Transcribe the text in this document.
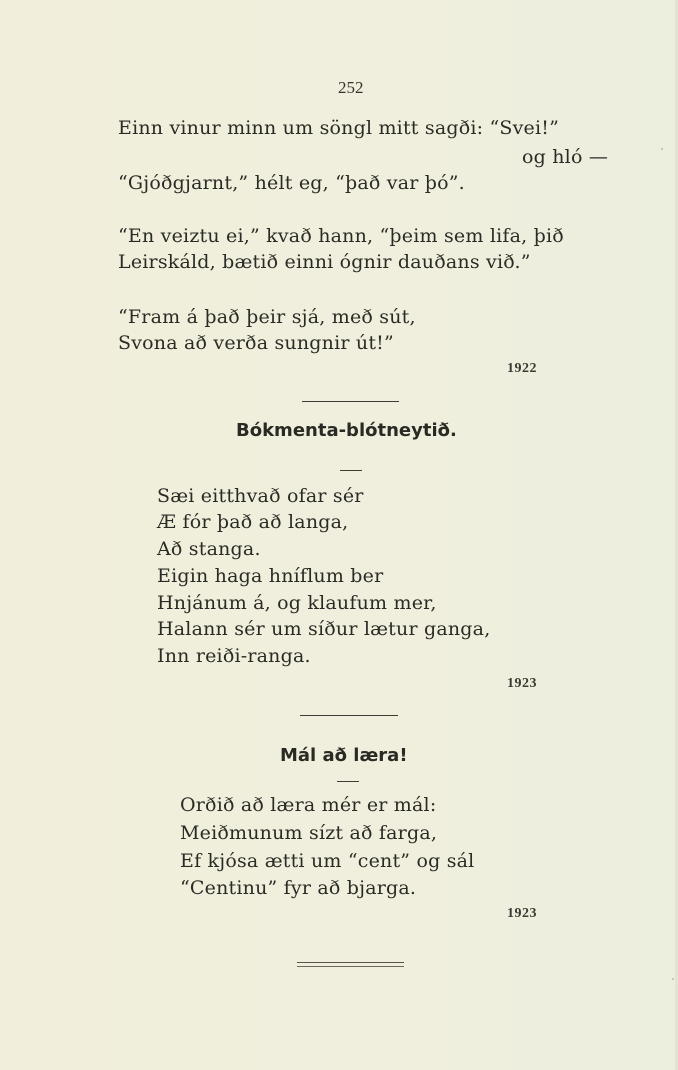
252
Einn vinur minn um söngl mitt sagði: “Svei!”
og hló —
“Gjóðgjarnt,” hélt eg, “það var þó”.
“En veiztu ei,” kvað hann, “þeim sem lifa, þið
Leirskáld, bætið einni ógnir dauðans við.”
“Fram á það þeir sjá, með sút,
Svona að verða sungnir út!”
1922
Bókmenta-blótneytið.
Sæi eitthvað ofar sér
Æ fór það að langa,
Að stanga.
Eigin haga hníflum ber
Hnjánum á, og klaufum mer,
Halann sér um síður lætur ganga,
Inn reiði-ranga.
1923
Mál að læra!
Orðið að læra mér er mál:
Meiðmunum sízt að farga,
Ef kjósa ætti um “cent” og sál
“Centinu” fyr að bjarga.
1923
